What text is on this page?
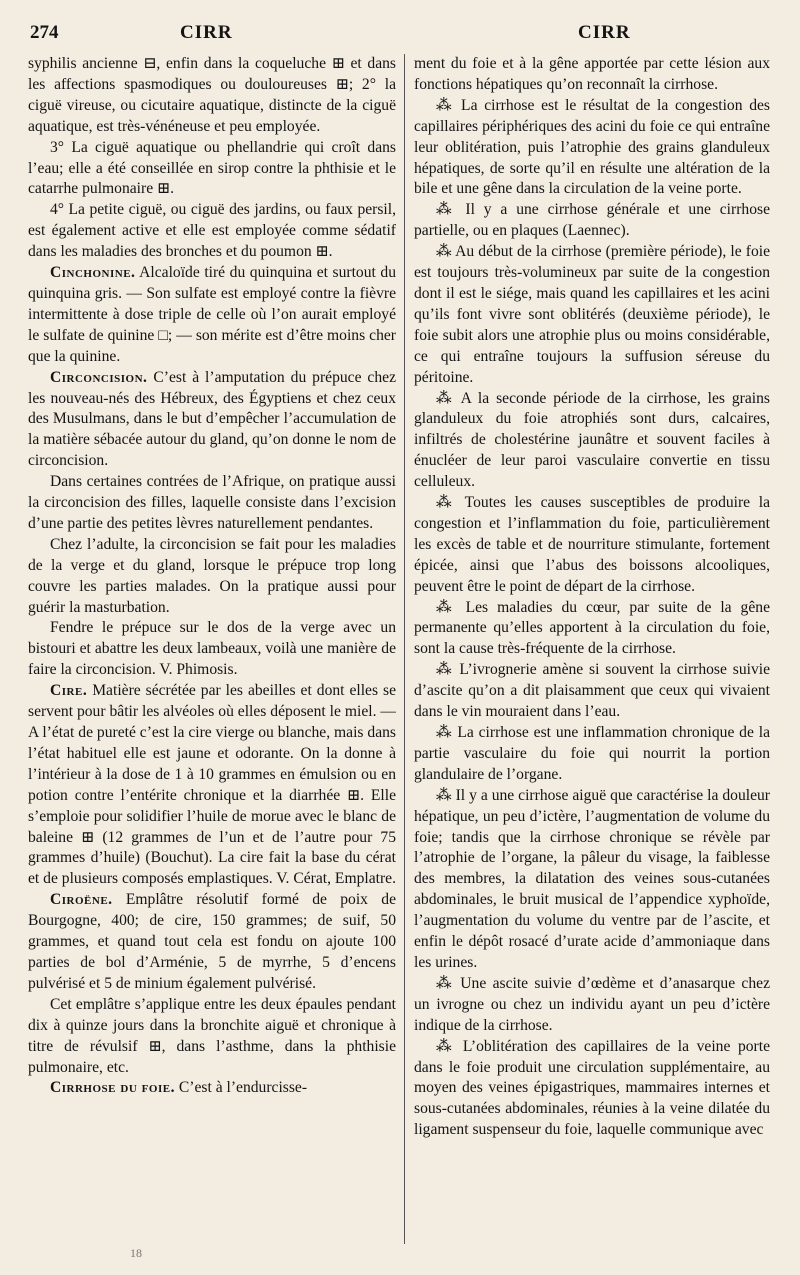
274	CIRR	CIRR

syphilis ancienne ⊟, enfin dans la coqueluche ⊞ et dans les affections spasmodiques ou douloureuses ⊞; 2° la ciguë vireuse, ou cicutaire aquatique, distincte de la ciguë aquatique, est très-vénéneuse et peu employée.

3° La ciguë aquatique ou phellandrie qui croît dans l’eau; elle a été conseillée en sirop contre la phthisie et le catarrhe pulmonaire ⊞.

4° La petite ciguë, ou ciguë des jardins, ou faux persil, est également active et elle est employée comme sédatif dans les maladies des bronches et du poumon ⊞.

Cinchonine. Alcaloïde tiré du quinquina et surtout du quinquina gris. — Son sulfate est employé contre la fièvre intermittente à dose triple de celle où l’on aurait employé le sulfate de quinine □; — son mérite est d’être moins cher que la quinine.

Circoncision. C’est à l’amputation du prépuce chez les nouveau-nés des Hébreux, des Égyptiens et chez ceux des Musulmans, dans le but d’empêcher l’accumulation de la matière sébacée autour du gland, qu’on donne le nom de circoncision.

Dans certaines contrées de l’Afrique, on pratique aussi la circoncision des filles, laquelle consiste dans l’excision d’une partie des petites lèvres naturellement pendantes.

Chez l’adulte, la circoncision se fait pour les maladies de la verge et du gland, lorsque le prépuce trop long couvre les parties malades. On la pratique aussi pour guérir la masturbation.

Fendre le prépuce sur le dos de la verge avec un bistouri et abattre les deux lambeaux, voilà une manière de faire la circoncision. V. Phimosis.

Cire. Matière sécrétée par les abeilles et dont elles se servent pour bâtir les alvéoles où elles déposent le miel. — A l’état de pureté c’est la cire vierge ou blanche, mais dans l’état habituel elle est jaune et odorante. On la donne à l’intérieur à la dose de 1 à 10 grammes en émulsion ou en potion contre l’entérite chronique et la diarrhée ⊞. Elle s’emploie pour solidifier l’huile de morue avec le blanc de baleine ⊞ (12 grammes de l’un et de l’autre pour 75 grammes d’huile) (Bouchut). La cire fait la base du cérat et de plusieurs composés emplastiques. V. Cérat, Emplatre.

Ciroëne. Emplâtre résolutif formé de poix de Bourgogne, 400; de cire, 150 grammes; de suif, 50 grammes, et quand tout cela est fondu on ajoute 100 parties de bol d’Arménie, 5 de myrrhe, 5 d’encens pulvérisé et 5 de minium également pulvérisé.

Cet emplâtre s’applique entre les deux épaules pendant dix à quinze jours dans la bronchite aiguë et chronique à titre de révulsif ⊞, dans l’asthme, dans la phthisie pulmonaire, etc.

Cirrhose du foie. C’est à l’endurcisse-

ment du foie et à la gêne apportée par cette lésion aux fonctions hépatiques qu’on reconnaît la cirrhose.

⁂ La cirrhose est le résultat de la congestion des capillaires périphériques des acini du foie ce qui entraîne leur oblitération, puis l’atrophie des grains glanduleux hépatiques, de sorte qu’il en résulte une altération de la bile et une gêne dans la circulation de la veine porte.

⁂ Il y a une cirrhose générale et une cirrhose partielle, ou en plaques (Laennec).

⁂ Au début de la cirrhose (première période), le foie est toujours très-volumineux par suite de la congestion dont il est le siége, mais quand les capillaires et les acini qu’ils font vivre sont oblitérés (deuxième période), le foie subit alors une atrophie plus ou moins considérable, ce qui entraîne toujours la suffusion séreuse du péritoine.

⁂ A la seconde période de la cirrhose, les grains glanduleux du foie atrophiés sont durs, calcaires, infiltrés de cholestérine jaunâtre et souvent faciles à énucléer de leur paroi vasculaire convertie en tissu celluleux.

⁂ Toutes les causes susceptibles de produire la congestion et l’inflammation du foie, particulièrement les excès de table et de nourriture stimulante, fortement épicée, ainsi que l’abus des boissons alcooliques, peuvent être le point de départ de la cirrhose.

⁂ Les maladies du cœur, par suite de la gêne permanente qu’elles apportent à la circulation du foie, sont la cause très-fréquente de la cirrhose.

⁂ L’ivrognerie amène si souvent la cirrhose suivie d’ascite qu’on a dit plaisamment que ceux qui vivaient dans le vin mouraient dans l’eau.

⁂ La cirrhose est une inflammation chronique de la partie vasculaire du foie qui nourrit la portion glandulaire de l’organe.

⁂ Il y a une cirrhose aiguë que caractérise la douleur hépatique, un peu d’ictère, l’augmentation de volume du foie; tandis que la cirrhose chronique se révèle par l’atrophie de l’organe, la pâleur du visage, la faiblesse des membres, la dilatation des veines sous-cutanées abdominales, le bruit musical de l’appendice xyphoïde, l’augmentation du volume du ventre par de l’ascite, et enfin le dépôt rosacé d’urate acide d’ammoniaque dans les urines.

⁂ Une ascite suivie d’œdème et d’anasarque chez un ivrogne ou chez un individu ayant un peu d’ictère indique de la cirrhose.

⁂ L’oblitération des capillaires de la veine porte dans le foie produit une circulation supplémentaire, au moyen des veines épigastriques, mammaires internes et sous-cutanées abdominales, réunies à la veine dilatée du ligament suspenseur du foie, laquelle communique avec

18
